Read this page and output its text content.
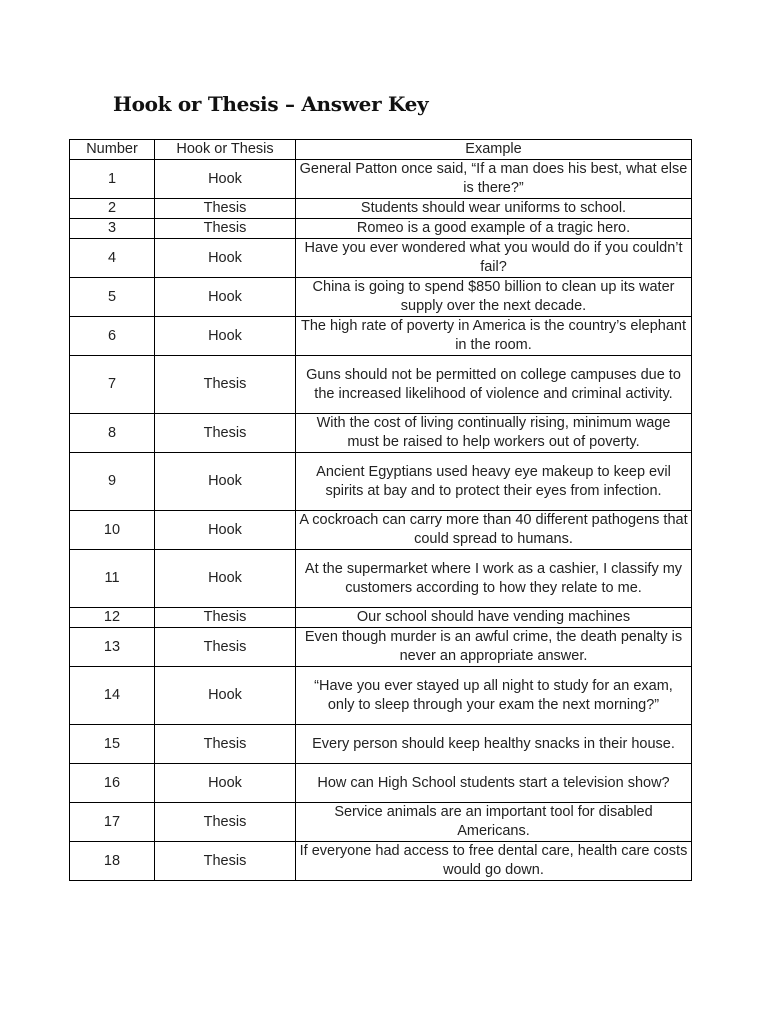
Hook or Thesis – Answer Key
Number	Hook or Thesis	Example
1	Hook	General Patton once said, “If a man does his best, what else is there?”
2	Thesis	Students should wear uniforms to school.
3	Thesis	Romeo is a good example of a tragic hero.
4	Hook	Have you ever wondered what you would do if you couldn’t fail?
5	Hook	China is going to spend $850 billion to clean up its water supply over the next decade.
6	Hook	The high rate of poverty in America is the country’s elephant in the room.
7	Thesis	Guns should not be permitted on college campuses due to the increased likelihood of violence and criminal activity.
8	Thesis	With the cost of living continually rising, minimum wage must be raised to help workers out of poverty.
9	Hook	Ancient Egyptians used heavy eye makeup to keep evil spirits at bay and to protect their eyes from infection.
10	Hook	A cockroach can carry more than 40 different pathogens that could spread to humans.
11	Hook	At the supermarket where I work as a cashier, I classify my customers according to how they relate to me.
12	Thesis	Our school should have vending machines
13	Thesis	Even though murder is an awful crime, the death penalty is never an appropriate answer.
14	Hook	“Have you ever stayed up all night to study for an exam, only to sleep through your exam the next morning?”
15	Thesis	Every person should keep healthy snacks in their house.
16	Hook	How can High School students start a television show?
17	Thesis	Service animals are an important tool for disabled Americans.
18	Thesis	If everyone had access to free dental care, health care costs would go down.
